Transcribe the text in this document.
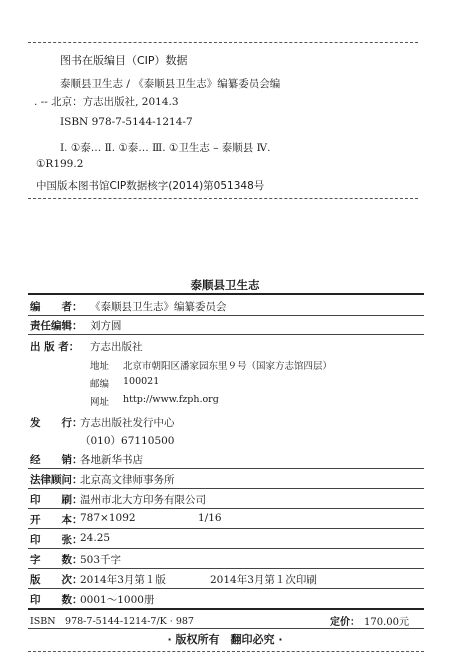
图书在版编目（CIP）数据
泰顺县卫生志 / 《泰顺县卫生志》编纂委员会编
. -- 北京：方志出版社, 2014.3
ISBN 978-7-5144-1214-7
Ⅰ. ①泰… Ⅱ. ①泰… Ⅲ. ①卫生志 – 泰顺县 Ⅳ.
①R199.2
中国版本图书馆CIP数据核字(2014)第051348号
泰顺县卫生志
编　　者： 《泰顺县卫生志》编纂委员会
责任编辑： 刘方圆
出 版 者： 方志出版社
地址 北京市朝阳区潘家园东里９号（国家方志馆四层）
邮编 100021
网址 http://www.fzph.org
发　　行：
方志出版社发行中心
（010）67110500
经　　销：
各地新华书店
法律顾问：
北京高文律师事务所
印　　刷：
温州市北大方印务有限公司
开　　本：
787×1092	1/16
印　　张：
24.25
字　　数：
503千字
版　　次：
2014年3月第１版	2014年3月第１次印刷
印　　数：
0001～1000册
ISBN　978-7-5144-1214-7/K · 987	定价： 170.00元
· 版权所有　翻印必究 ·
